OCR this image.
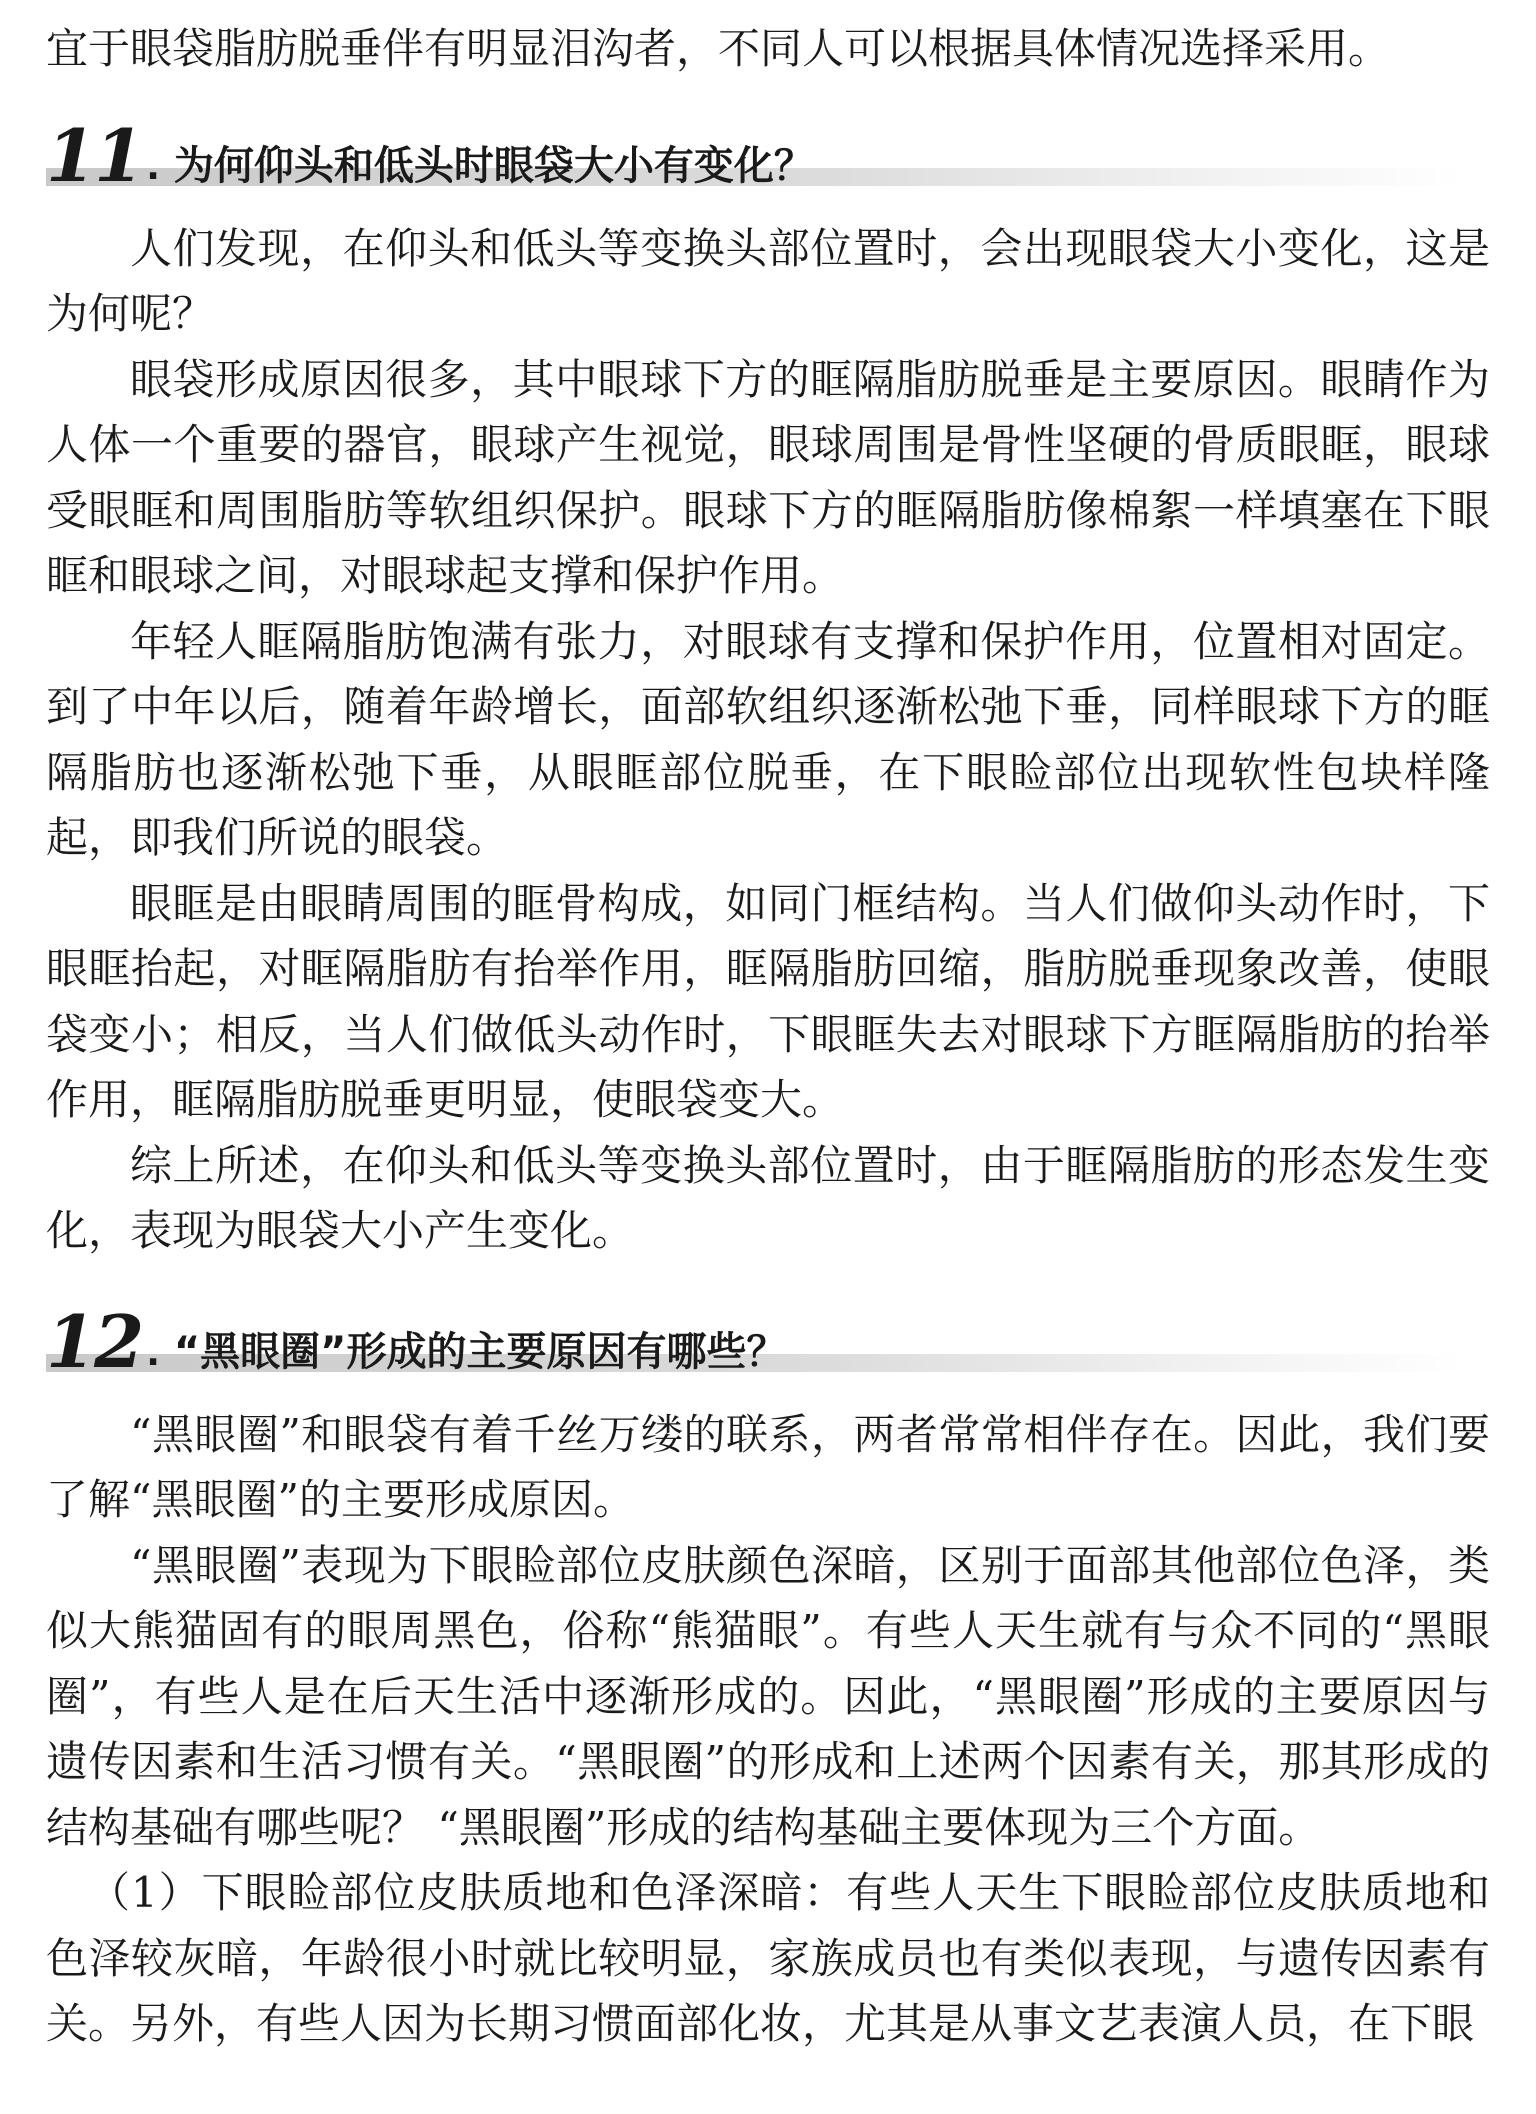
宜于眼袋脂肪脱垂伴有明显泪沟者，不同人可以根据具体情况选择采用。

11 . 为何仰头和低头时眼袋大小有变化？

人们发现，在仰头和低头等变换头部位置时，会出现眼袋大小变化，这是为何呢？

眼袋形成原因很多，其中眼球下方的眶隔脂肪脱垂是主要原因。眼睛作为人体一个重要的器官，眼球产生视觉，眼球周围是骨性坚硬的骨质眼眶，眼球受眼眶和周围脂肪等软组织保护。眼球下方的眶隔脂肪像棉絮一样填塞在下眼眶和眼球之间，对眼球起支撑和保护作用。

年轻人眶隔脂肪饱满有张力，对眼球有支撑和保护作用，位置相对固定。到了中年以后，随着年龄增长，面部软组织逐渐松弛下垂，同样眼球下方的眶隔脂肪也逐渐松弛下垂，从眼眶部位脱垂，在下眼睑部位出现软性包块样隆起，即我们所说的眼袋。

眼眶是由眼睛周围的眶骨构成，如同门框结构。当人们做仰头动作时，下眼眶抬起，对眶隔脂肪有抬举作用，眶隔脂肪回缩，脂肪脱垂现象改善，使眼袋变小；相反，当人们做低头动作时，下眼眶失去对眼球下方眶隔脂肪的抬举作用，眶隔脂肪脱垂更明显，使眼袋变大。

综上所述，在仰头和低头等变换头部位置时，由于眶隔脂肪的形态发生变化，表现为眼袋大小产生变化。

12 . “黑眼圈”形成的主要原因有哪些？

“黑眼圈”和眼袋有着千丝万缕的联系，两者常常相伴存在。因此，我们要了解“黑眼圈”的主要形成原因。

“黑眼圈”表现为下眼睑部位皮肤颜色深暗，区别于面部其他部位色泽，类似大熊猫固有的眼周黑色，俗称“熊猫眼”。有些人天生就有与众不同的“黑眼圈”，有些人是在后天生活中逐渐形成的。因此，“黑眼圈”形成的主要原因与遗传因素和生活习惯有关。“黑眼圈”的形成和上述两个因素有关，那其形成的结构基础有哪些呢？ “黑眼圈”形成的结构基础主要体现为三个方面。

（1）下眼睑部位皮肤质地和色泽深暗：有些人天生下眼睑部位皮肤质地和色泽较灰暗，年龄很小时就比较明显，家族成员也有类似表现，与遗传因素有关。另外，有些人因为长期习惯面部化妆，尤其是从事文艺表演人员，在下眼
